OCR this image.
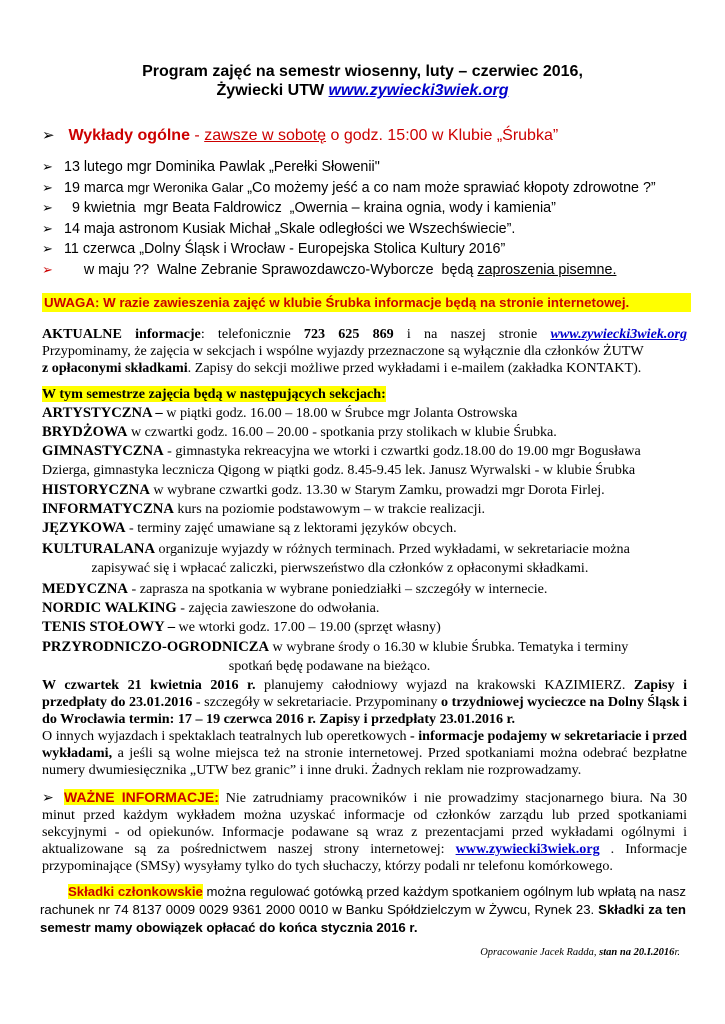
Program zajęć na semestr wiosenny, luty – czerwiec 2016,
Żywiecki UTW www.zywiecki3wiek.org
➢ Wykłady ogólne - zawsze w sobotę o godz. 15:00 w Klubie „Śrubka”
➢ 13 lutego mgr Dominika Pawlak „Perełki Słowenii"
➢ 19 marca mgr Weronika Galar „Co możemy jeść a co nam może sprawiać kłopoty zdrowotne ?”
➢  9 kwietnia  mgr Beata Faldrowicz  „Owernia – kraina ognia, wody i kamienia”
➢ 14 maja astronom Kusiak Michał „Skale odległości we Wszechświecie”.
➢ 11 czerwca „Dolny Śląsk i Wrocław - Europejska Stolica Kultury 2016”
➢     w maju ??  Walne Zebranie Sprawozdawczo-Wyborcze  będą zaproszenia pisemne.
UWAGA: W razie zawieszenia zajęć w klubie Śrubka informacje będą na stronie internetowej.
AKTUALNE informacje: telefonicznie 723 625 869 i na naszej stronie www.zywiecki3wiek.org
Przypominamy, że zajęcia w sekcjach i wspólne wyjazdy przeznaczone są wyłącznie dla członków ŻUTW
z opłaconymi składkami. Zapisy do sekcji możliwe przed wykładami i e-mailem (zakładka KONTAKT).
W tym semestrze zajęcia będą w następujących sekcjach:
ARTYSTYCZNA – w piątki godz. 16.00 – 18.00 w Śrubce mgr Jolanta Ostrowska
BRYDŻOWA w czwartki godz. 16.00 – 20.00 - spotkania przy stolikach w klubie Śrubka.
GIMNASTYCZNA - gimnastyka rekreacyjna we wtorki i czwartki godz.18.00 do 19.00 mgr Bogusława
Dzierga, gimnastyka lecznicza Qigong w piątki godz. 8.45-9.45 lek. Janusz Wyrwalski - w klubie Śrubka
HISTORYCZNA w wybrane czwartki godz. 13.30 w Starym Zamku, prowadzi mgr Dorota Firlej.
INFORMATYCZNA kurs na poziomie podstawowym – w trakcie realizacji.
JĘZYKOWA - terminy zajęć umawiane są z lektorami języków obcych.
KULTURALANA organizuje wyjazdy w różnych terminach. Przed wykładami, w sekretariacie można
zapisywać się i wpłacać zaliczki, pierwszeństwo dla członków z opłaconymi składkami.
MEDYCZNA - zaprasza na spotkania w wybrane poniedziałki – szczegóły w internecie.
NORDIC WALKING - zajęcia zawieszone do odwołania.
TENIS STOŁOWY – we wtorki godz. 17.00 – 19.00 (sprzęt własny)
PRZYRODNICZO-OGRODNICZA w wybrane środy o 16.30 w klubie Śrubka. Tematyka i terminy
spotkań będę podawane na bieżąco.
W czwartek 21 kwietnia 2016 r. planujemy całodniowy wyjazd na krakowski KAZIMIERZ. Zapisy i przedpłaty do 23.01.2016 - szczegóły w sekretariacie. Przypominany o trzydniowej wycieczce na Dolny Śląsk i do Wrocławia termin: 17 – 19 czerwca 2016 r. Zapisy i przedpłaty 23.01.2016 r.
O innych wyjazdach i spektaklach teatralnych lub operetkowych - informacje podajemy w sekretariacie i przed wykładami, a jeśli są wolne miejsca też na stronie internetowej. Przed spotkaniami można odebrać bezpłatne numery dwumiesięcznika „UTW bez granic” i inne druki. Żadnych reklam nie rozprowadzamy.
➢ WAŻNE INFORMACJE: Nie zatrudniamy pracowników i nie prowadzimy stacjonarnego biura. Na 30 minut przed każdym wykładem można uzyskać informacje od członków zarządu lub przed spotkaniami sekcyjnymi - od opiekunów. Informacje podawane są wraz z prezentacjami przed wykładami ogólnymi i aktualizowane są za pośrednictwem naszej strony internetowej: www.zywiecki3wiek.org . Informacje przypominające (SMSy) wysyłamy tylko do tych słuchaczy, którzy podali nr telefonu komórkowego.
Składki członkowskie można regulować gotówką przed każdym spotkaniem ogólnym lub wpłatą na nasz rachunek nr 74 8137 0009 0029 9361 2000 0010 w Banku Spółdzielczym w Żywcu, Rynek 23. Składki za ten semestr mamy obowiązek opłacać do końca stycznia 2016 r.
Opracowanie Jacek Radda, stan na 20.I.2016r.
